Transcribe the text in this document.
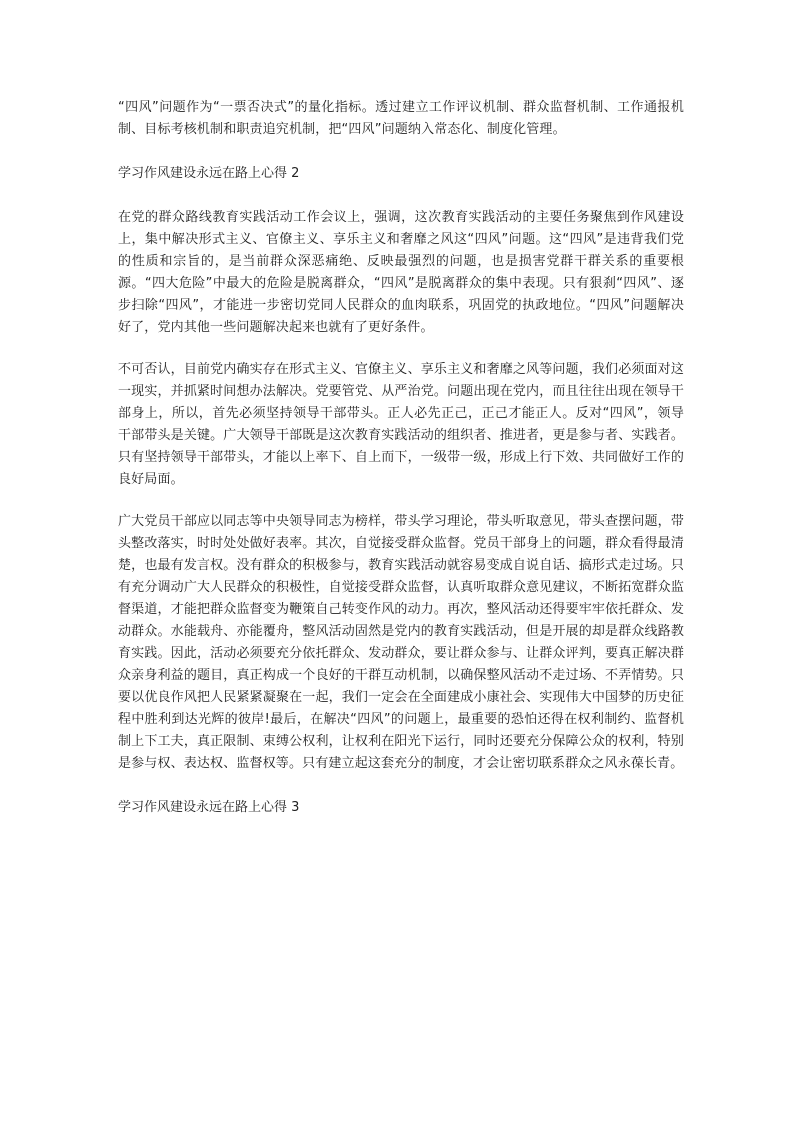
“四风”问题作为“一票否决式”的量化指标。透过建立工作评议机制、群众监督机制、工作通报机制、目标考核机制和职责追究机制，把“四风”问题纳入常态化、制度化管理。

学习作风建设永远在路上心得 2

在党的群众路线教育实践活动工作会议上，强调，这次教育实践活动的主要任务聚焦到作风建设上，集中解决形式主义、官僚主义、享乐主义和奢靡之风这“四风”问题。这“四风”是违背我们党的性质和宗旨的，是当前群众深恶痛绝、反映最强烈的问题，也是损害党群干群关系的重要根源。“四大危险”中最大的危险是脱离群众，“四风”是脱离群众的集中表现。只有狠刹“四风”、逐步扫除“四风”，才能进一步密切党同人民群众的血肉联系，巩固党的执政地位。“四风”问题解决好了，党内其他一些问题解决起来也就有了更好条件。

不可否认，目前党内确实存在形式主义、官僚主义、享乐主义和奢靡之风等问题，我们必须面对这一现实，并抓紧时间想办法解决。党要管党、从严治党。问题出现在党内，而且往往出现在领导干部身上，所以，首先必须坚持领导干部带头。正人必先正己，正己才能正人。反对“四风”，领导干部带头是关键。广大领导干部既是这次教育实践活动的组织者、推进者，更是参与者、实践者。只有坚持领导干部带头，才能以上率下、自上而下，一级带一级，形成上行下效、共同做好工作的良好局面。

广大党员干部应以同志等中央领导同志为榜样，带头学习理论，带头听取意见，带头查摆问题，带头整改落实，时时处处做好表率。其次，自觉接受群众监督。党员干部身上的问题，群众看得最清楚，也最有发言权。没有群众的积极参与，教育实践活动就容易变成自说自话、搞形式走过场。只有充分调动广大人民群众的积极性，自觉接受群众监督，认真听取群众意见建议，不断拓宽群众监督渠道，才能把群众监督变为鞭策自己转变作风的动力。再次，整风活动还得要牢牢依托群众、发动群众。水能载舟、亦能覆舟，整风活动固然是党内的教育实践活动，但是开展的却是群众线路教育实践。因此，活动必须要充分依托群众、发动群众，要让群众参与、让群众评判，要真正解决群众亲身利益的题目，真正构成一个良好的干群互动机制，以确保整风活动不走过场、不弄情势。只要以优良作风把人民紧紧凝聚在一起，我们一定会在全面建成小康社会、实现伟大中国梦的历史征程中胜利到达光辉的彼岸!最后，在解决“四风”的问题上，最重要的恐怕还得在权利制约、监督机制上下工夫，真正限制、束缚公权利，让权利在阳光下运行，同时还要充分保障公众的权利，特别是参与权、表达权、监督权等。只有建立起这套充分的制度，才会让密切联系群众之风永葆长青。

学习作风建设永远在路上心得 3
